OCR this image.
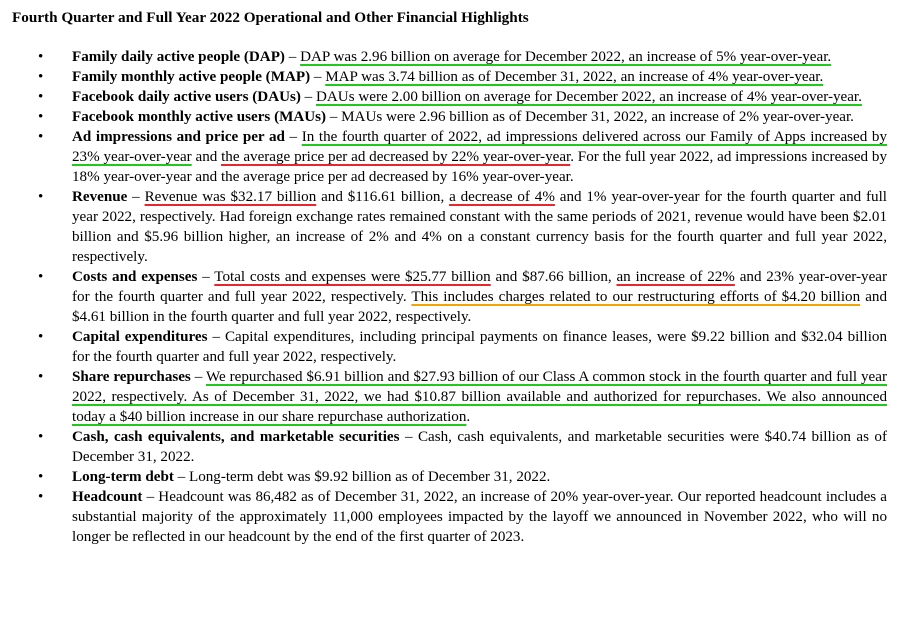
Fourth Quarter and Full Year 2022 Operational and Other Financial Highlights
• Family daily active people (DAP) – DAP was 2.96 billion on average for December 2022, an increase of 5% year-over-year.
• Family monthly active people (MAP) – MAP was 3.74 billion as of December 31, 2022, an increase of 4% year-over-year.
• Facebook daily active users (DAUs) – DAUs were 2.00 billion on average for December 2022, an increase of 4% year-over-year.
• Facebook monthly active users (MAUs) – MAUs were 2.96 billion as of December 31, 2022, an increase of 2% year-over-year.
• Ad impressions and price per ad – In the fourth quarter of 2022, ad impressions delivered across our Family of Apps increased by 23% year-over-year and the average price per ad decreased by 22% year-over-year. For the full year 2022, ad impressions increased by 18% year-over-year and the average price per ad decreased by 16% year-over-year.
• Revenue – Revenue was $32.17 billion and $116.61 billion, a decrease of 4% and 1% year-over-year for the fourth quarter and full year 2022, respectively. Had foreign exchange rates remained constant with the same periods of 2021, revenue would have been $2.01 billion and $5.96 billion higher, an increase of 2% and 4% on a constant currency basis for the fourth quarter and full year 2022, respectively.
• Costs and expenses – Total costs and expenses were $25.77 billion and $87.66 billion, an increase of 22% and 23% year-over-year for the fourth quarter and full year 2022, respectively. This includes charges related to our restructuring efforts of $4.20 billion and $4.61 billion in the fourth quarter and full year 2022, respectively.
• Capital expenditures – Capital expenditures, including principal payments on finance leases, were $9.22 billion and $32.04 billion for the fourth quarter and full year 2022, respectively.
• Share repurchases – We repurchased $6.91 billion and $27.93 billion of our Class A common stock in the fourth quarter and full year 2022, respectively. As of December 31, 2022, we had $10.87 billion available and authorized for repurchases. We also announced today a $40 billion increase in our share repurchase authorization.
• Cash, cash equivalents, and marketable securities – Cash, cash equivalents, and marketable securities were $40.74 billion as of December 31, 2022.
• Long-term debt – Long-term debt was $9.92 billion as of December 31, 2022.
• Headcount – Headcount was 86,482 as of December 31, 2022, an increase of 20% year-over-year. Our reported headcount includes a substantial majority of the approximately 11,000 employees impacted by the layoff we announced in November 2022, who will no longer be reflected in our headcount by the end of the first quarter of 2023.
